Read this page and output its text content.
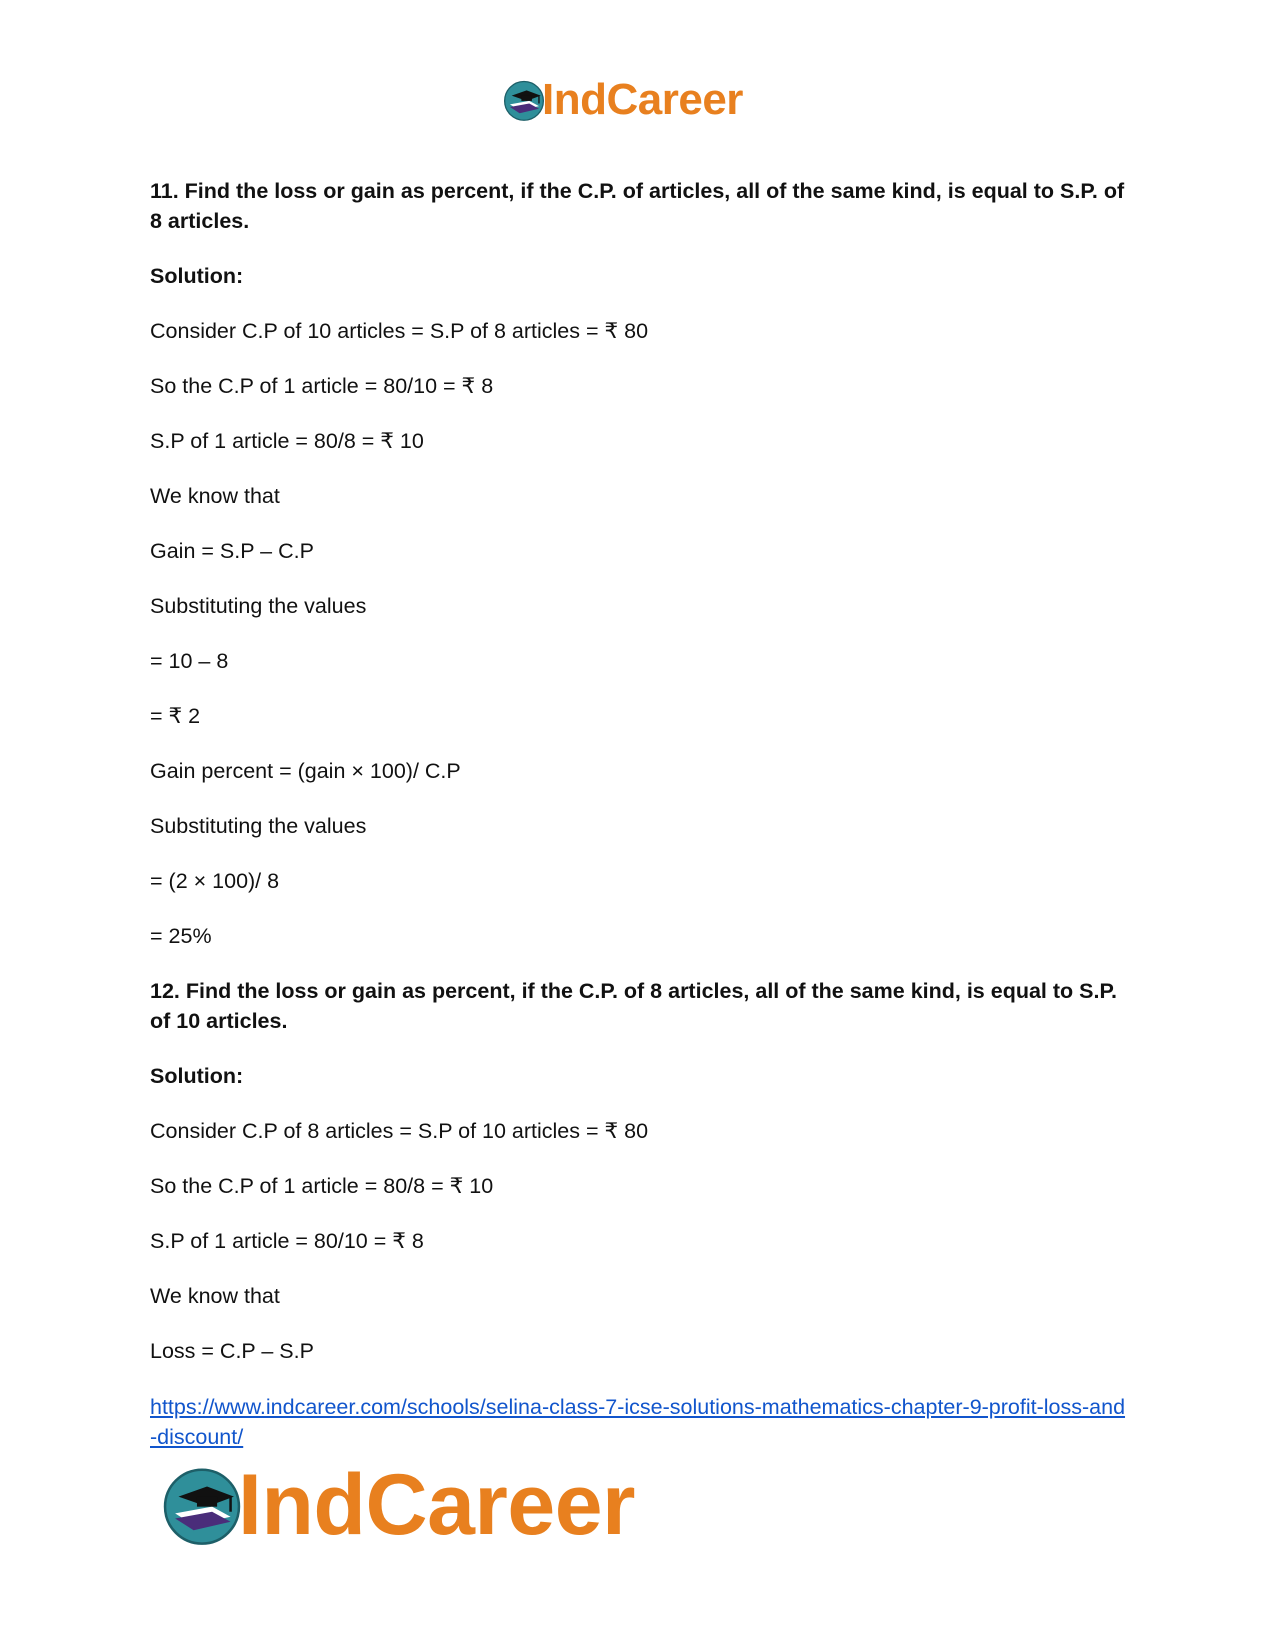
IndCareer

11. Find the loss or gain as percent, if the C.P. of articles, all of the same kind, is equal to S.P. of 8 articles.

Solution:

Consider C.P of 10 articles = S.P of 8 articles = ₹ 80

So the C.P of 1 article = 80/10 = ₹ 8

S.P of 1 article = 80/8 = ₹ 10

We know that

Gain = S.P – C.P

Substituting the values

= 10 – 8

= ₹ 2

Gain percent = (gain × 100)/ C.P

Substituting the values

= (2 × 100)/ 8

= 25%

12. Find the loss or gain as percent, if the C.P. of 8 articles, all of the same kind, is equal to S.P. of 10 articles.

Solution:

Consider C.P of 8 articles = S.P of 10 articles = ₹ 80

So the C.P of 1 article = 80/8 = ₹ 10

S.P of 1 article = 80/10 = ₹ 8

We know that

Loss = C.P – S.P

https://www.indcareer.com/schools/selina-class-7-icse-solutions-mathematics-chapter-9-profit-loss-and-discount/
IndCareer
